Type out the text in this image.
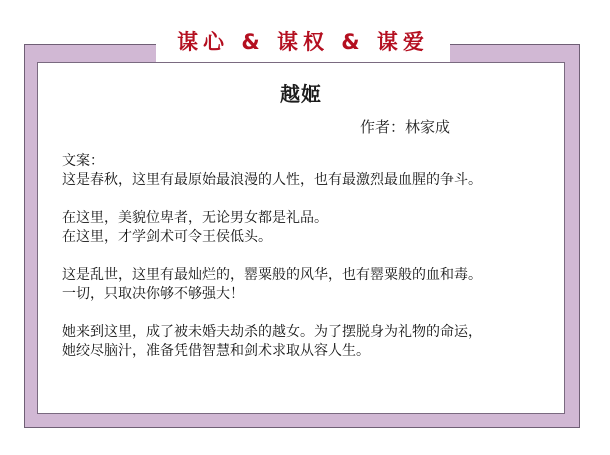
越姬
作者：林家成

文案：
这是春秋，这里有最原始最浪漫的人性，也有最激烈最血腥的争斗。

在这里，美貌位卑者，无论男女都是礼品。
在这里，才学剑术可令王侯低头。

这是乱世，这里有最灿烂的，罂粟般的风华，也有罂粟般的血和毒。
一切，只取决你够不够强大！

她来到这里，成了被未婚夫劫杀的越女。为了摆脱身为礼物的命运，
她绞尽脑汁，准备凭借智慧和剑术求取从容人生。

谋心 & 谋权 & 谋爱
